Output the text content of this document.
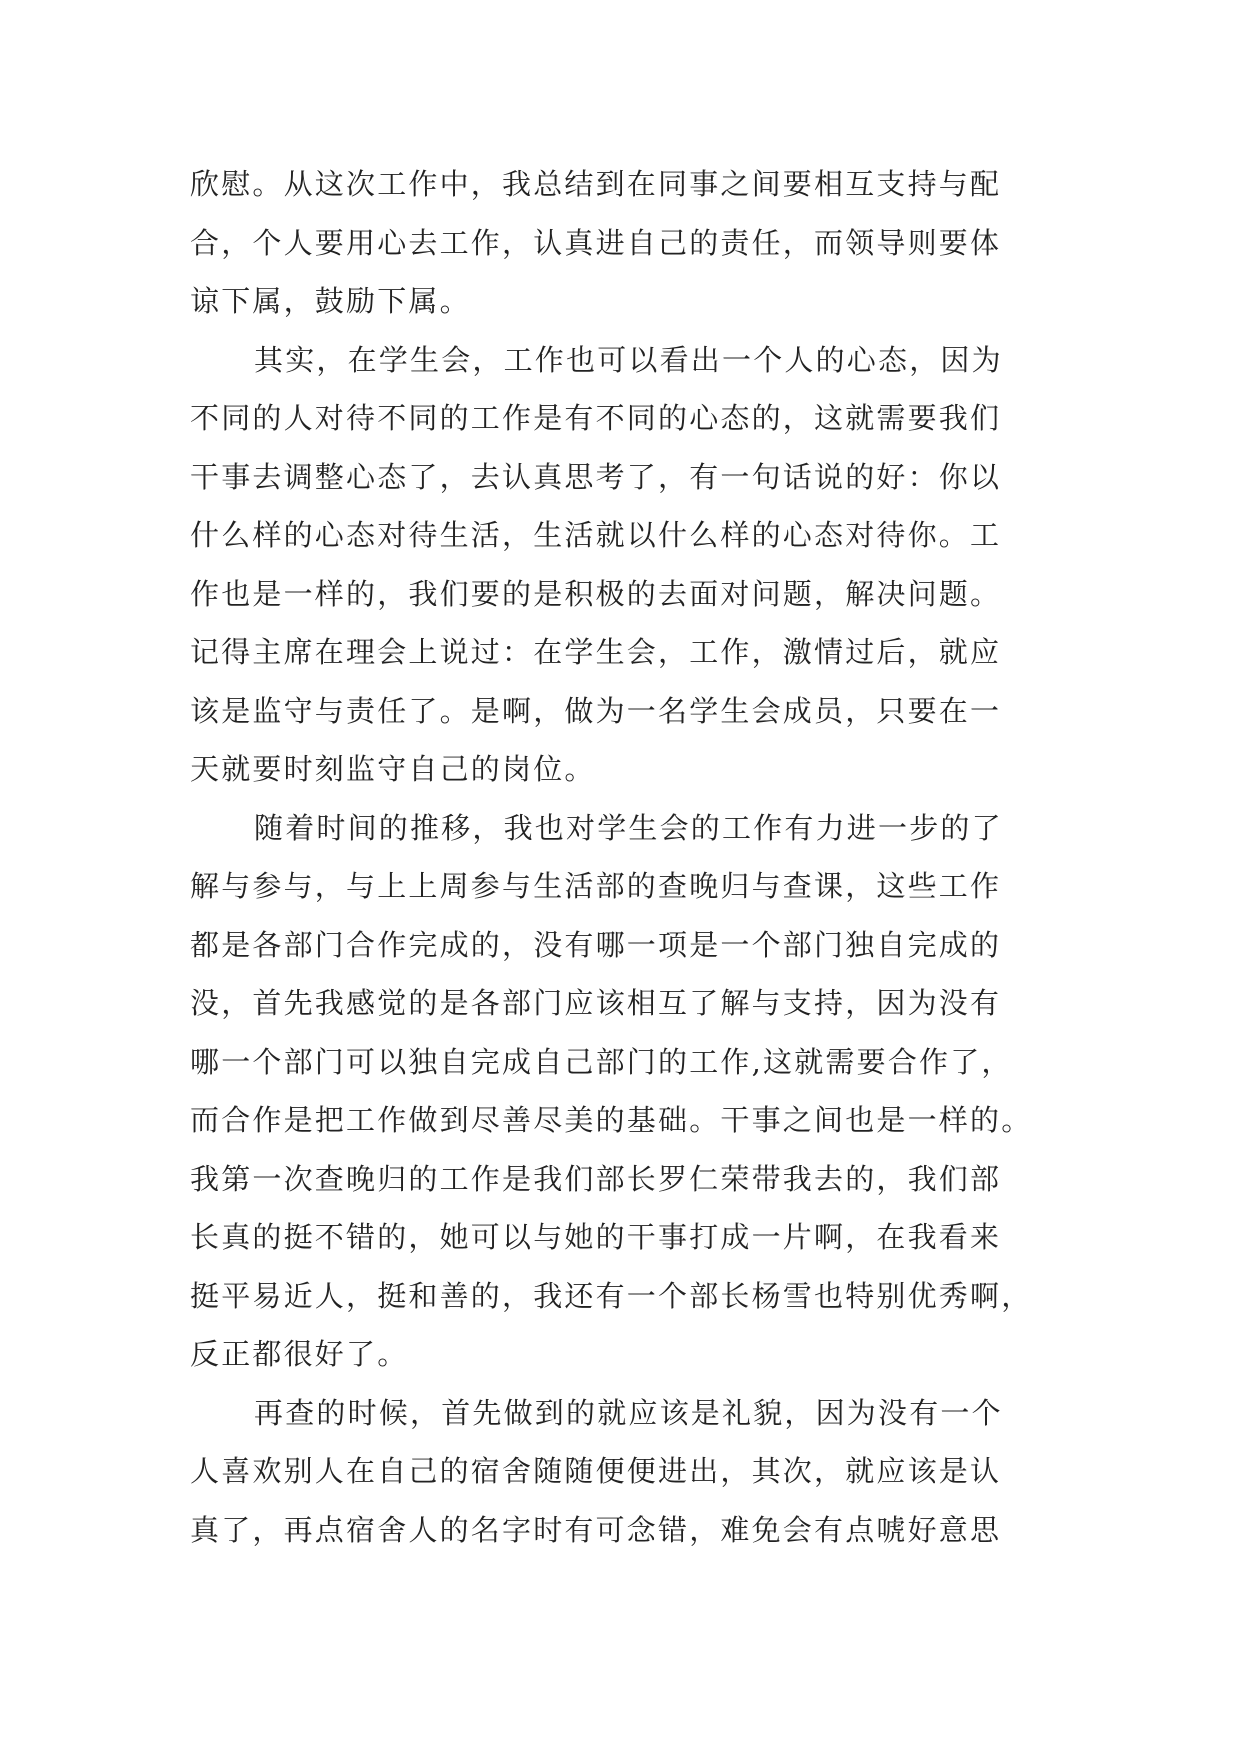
欣慰。从这次工作中，我总结到在同事之间要相互支持与配
合，个人要用心去工作，认真进自己的责任，而领导则要体
谅下属，鼓励下属。
其实，在学生会，工作也可以看出一个人的心态，因为
不同的人对待不同的工作是有不同的心态的，这就需要我们
干事去调整心态了，去认真思考了，有一句话说的好：你以
什么样的心态对待生活，生活就以什么样的心态对待你。工
作也是一样的，我们要的是积极的去面对问题，解决问题。
记得主席在理会上说过：在学生会，工作，激情过后，就应
该是监守与责任了。是啊，做为一名学生会成员，只要在一
天就要时刻监守自己的岗位。
随着时间的推移，我也对学生会的工作有力进一步的了
解与参与，与上上周参与生活部的查晚归与查课，这些工作
都是各部门合作完成的，没有哪一项是一个部门独自完成的
没，首先我感觉的是各部门应该相互了解与支持，因为没有
哪一个部门可以独自完成自己部门的工作,这就需要合作了，
而合作是把工作做到尽善尽美的基础。干事之间也是一样的。
我第一次查晚归的工作是我们部长罗仁荣带我去的，我们部
长真的挺不错的，她可以与她的干事打成一片啊，在我看来
挺平易近人，挺和善的，我还有一个部长杨雪也特别优秀啊，
反正都很好了。
再查的时候，首先做到的就应该是礼貌，因为没有一个
人喜欢别人在自己的宿舍随随便便进出，其次，就应该是认
真了，再点宿舍人的名字时有可念错，难免会有点唬好意思
